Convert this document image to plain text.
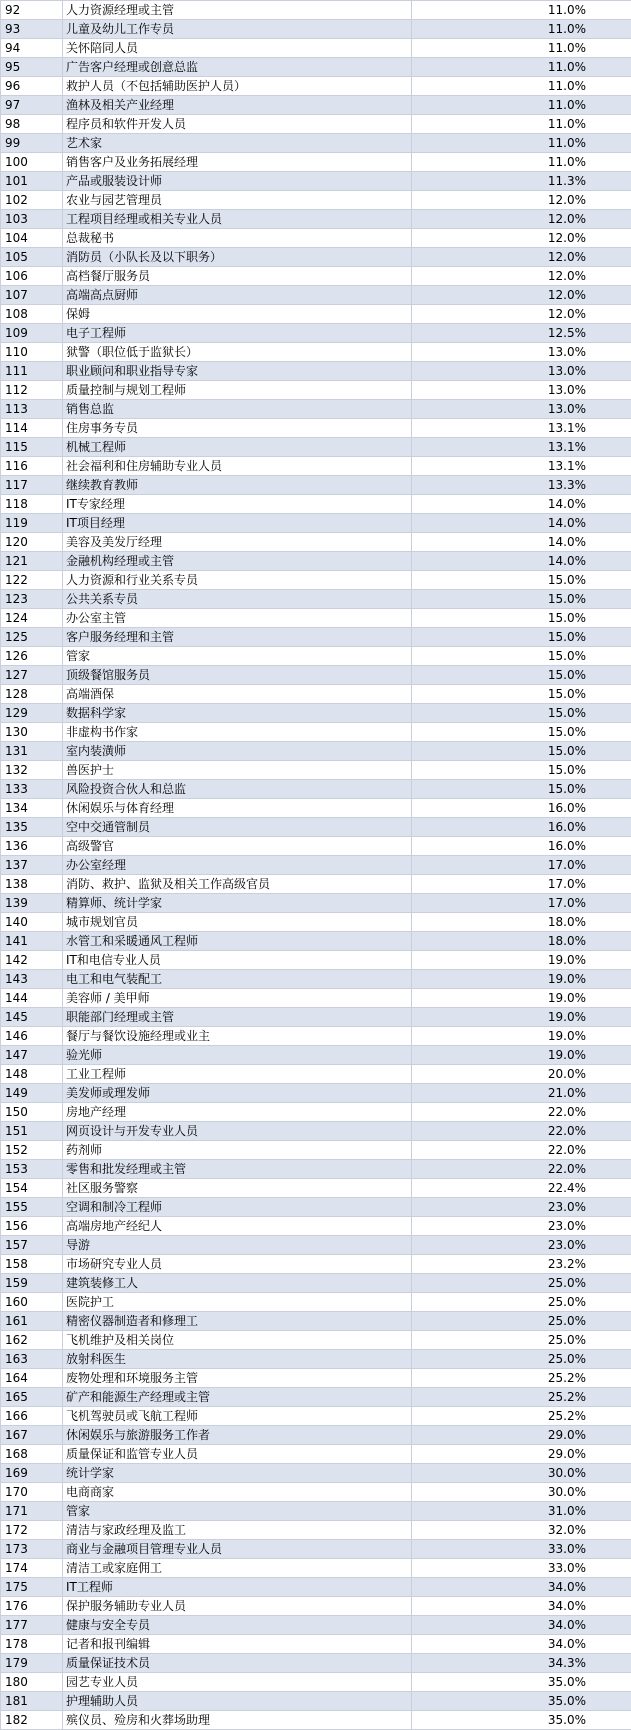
92	人力资源经理或主管	11.0%
93	儿童及幼儿工作专员	11.0%
94	关怀陪同人员	11.0%
95	广告客户经理或创意总监	11.0%
96	救护人员（不包括辅助医护人员）	11.0%
97	渔林及相关产业经理	11.0%
98	程序员和软件开发人员	11.0%
99	艺术家	11.0%
100	销售客户及业务拓展经理	11.0%
101	产品或服装设计师	11.3%
102	农业与园艺管理员	12.0%
103	工程项目经理或相关专业人员	12.0%
104	总裁秘书	12.0%
105	消防员（小队长及以下职务）	12.0%
106	高档餐厅服务员	12.0%
107	高端高点厨师	12.0%
108	保姆	12.0%
109	电子工程师	12.5%
110	狱警（职位低于监狱长）	13.0%
111	职业顾问和职业指导专家	13.0%
112	质量控制与规划工程师	13.0%
113	销售总监	13.0%
114	住房事务专员	13.1%
115	机械工程师	13.1%
116	社会福利和住房辅助专业人员	13.1%
117	继续教育教师	13.3%
118	IT专家经理	14.0%
119	IT项目经理	14.0%
120	美容及美发厅经理	14.0%
121	金融机构经理或主管	14.0%
122	人力资源和行业关系专员	15.0%
123	公共关系专员	15.0%
124	办公室主管	15.0%
125	客户服务经理和主管	15.0%
126	管家	15.0%
127	顶级餐馆服务员	15.0%
128	高端酒保	15.0%
129	数据科学家	15.0%
130	非虚构书作家	15.0%
131	室内装潢师	15.0%
132	兽医护士	15.0%
133	风险投资合伙人和总监	15.0%
134	休闲娱乐与体育经理	16.0%
135	空中交通管制员	16.0%
136	高级警官	16.0%
137	办公室经理	17.0%
138	消防、救护、监狱及相关工作高级官员	17.0%
139	精算师、统计学家	17.0%
140	城市规划官员	18.0%
141	水管工和采暖通风工程师	18.0%
142	IT和电信专业人员	19.0%
143	电工和电气装配工	19.0%
144	美容师 / 美甲师	19.0%
145	职能部门经理或主管	19.0%
146	餐厅与餐饮设施经理或业主	19.0%
147	验光师	19.0%
148	工业工程师	20.0%
149	美发师或理发师	21.0%
150	房地产经理	22.0%
151	网页设计与开发专业人员	22.0%
152	药剂师	22.0%
153	零售和批发经理或主管	22.0%
154	社区服务警察	22.4%
155	空调和制冷工程师	23.0%
156	高端房地产经纪人	23.0%
157	导游	23.0%
158	市场研究专业人员	23.2%
159	建筑装修工人	25.0%
160	医院护工	25.0%
161	精密仪器制造者和修理工	25.0%
162	飞机维护及相关岗位	25.0%
163	放射科医生	25.0%
164	废物处理和环境服务主管	25.2%
165	矿产和能源生产经理或主管	25.2%
166	飞机驾驶员或飞航工程师	25.2%
167	休闲娱乐与旅游服务工作者	29.0%
168	质量保证和监管专业人员	29.0%
169	统计学家	30.0%
170	电商商家	30.0%
171	管家	31.0%
172	清洁与家政经理及监工	32.0%
173	商业与金融项目管理专业人员	33.0%
174	清洁工或家庭佣工	33.0%
175	IT工程师	34.0%
176	保护服务辅助专业人员	34.0%
177	健康与安全专员	34.0%
178	记者和报刊编辑	34.0%
179	质量保证技术员	34.3%
180	园艺专业人员	35.0%
181	护理辅助人员	35.0%
182	殡仪员、殓房和火葬场助理	35.0%
